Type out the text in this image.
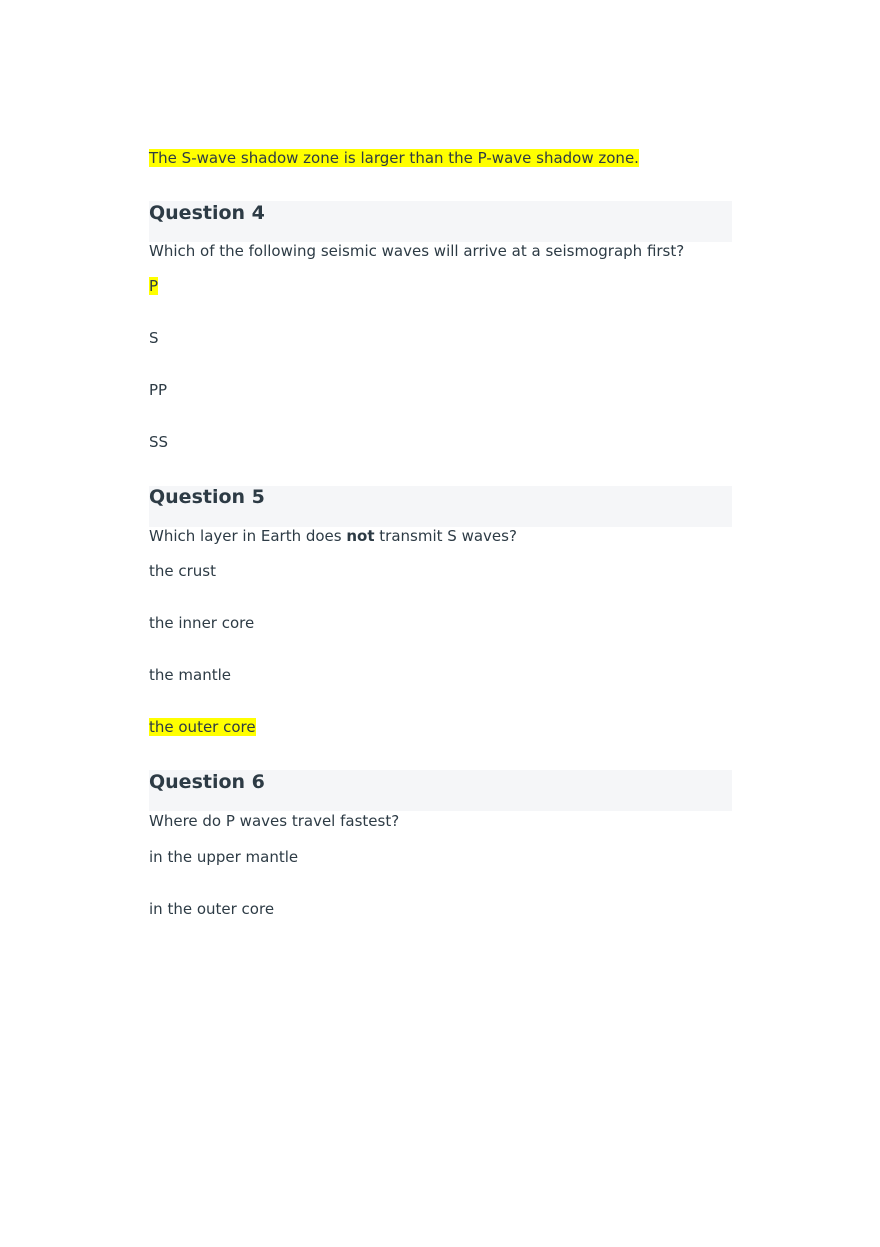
The S-wave shadow zone is larger than the P-wave shadow zone.
Question 4
Which of the following seismic waves will arrive at a seismograph first?
P
S
PP
SS
Question 5
Which layer in Earth does not transmit S waves?
the crust
the inner core
the mantle
the outer core
Question 6
Where do P waves travel fastest?
in the upper mantle
in the outer core
